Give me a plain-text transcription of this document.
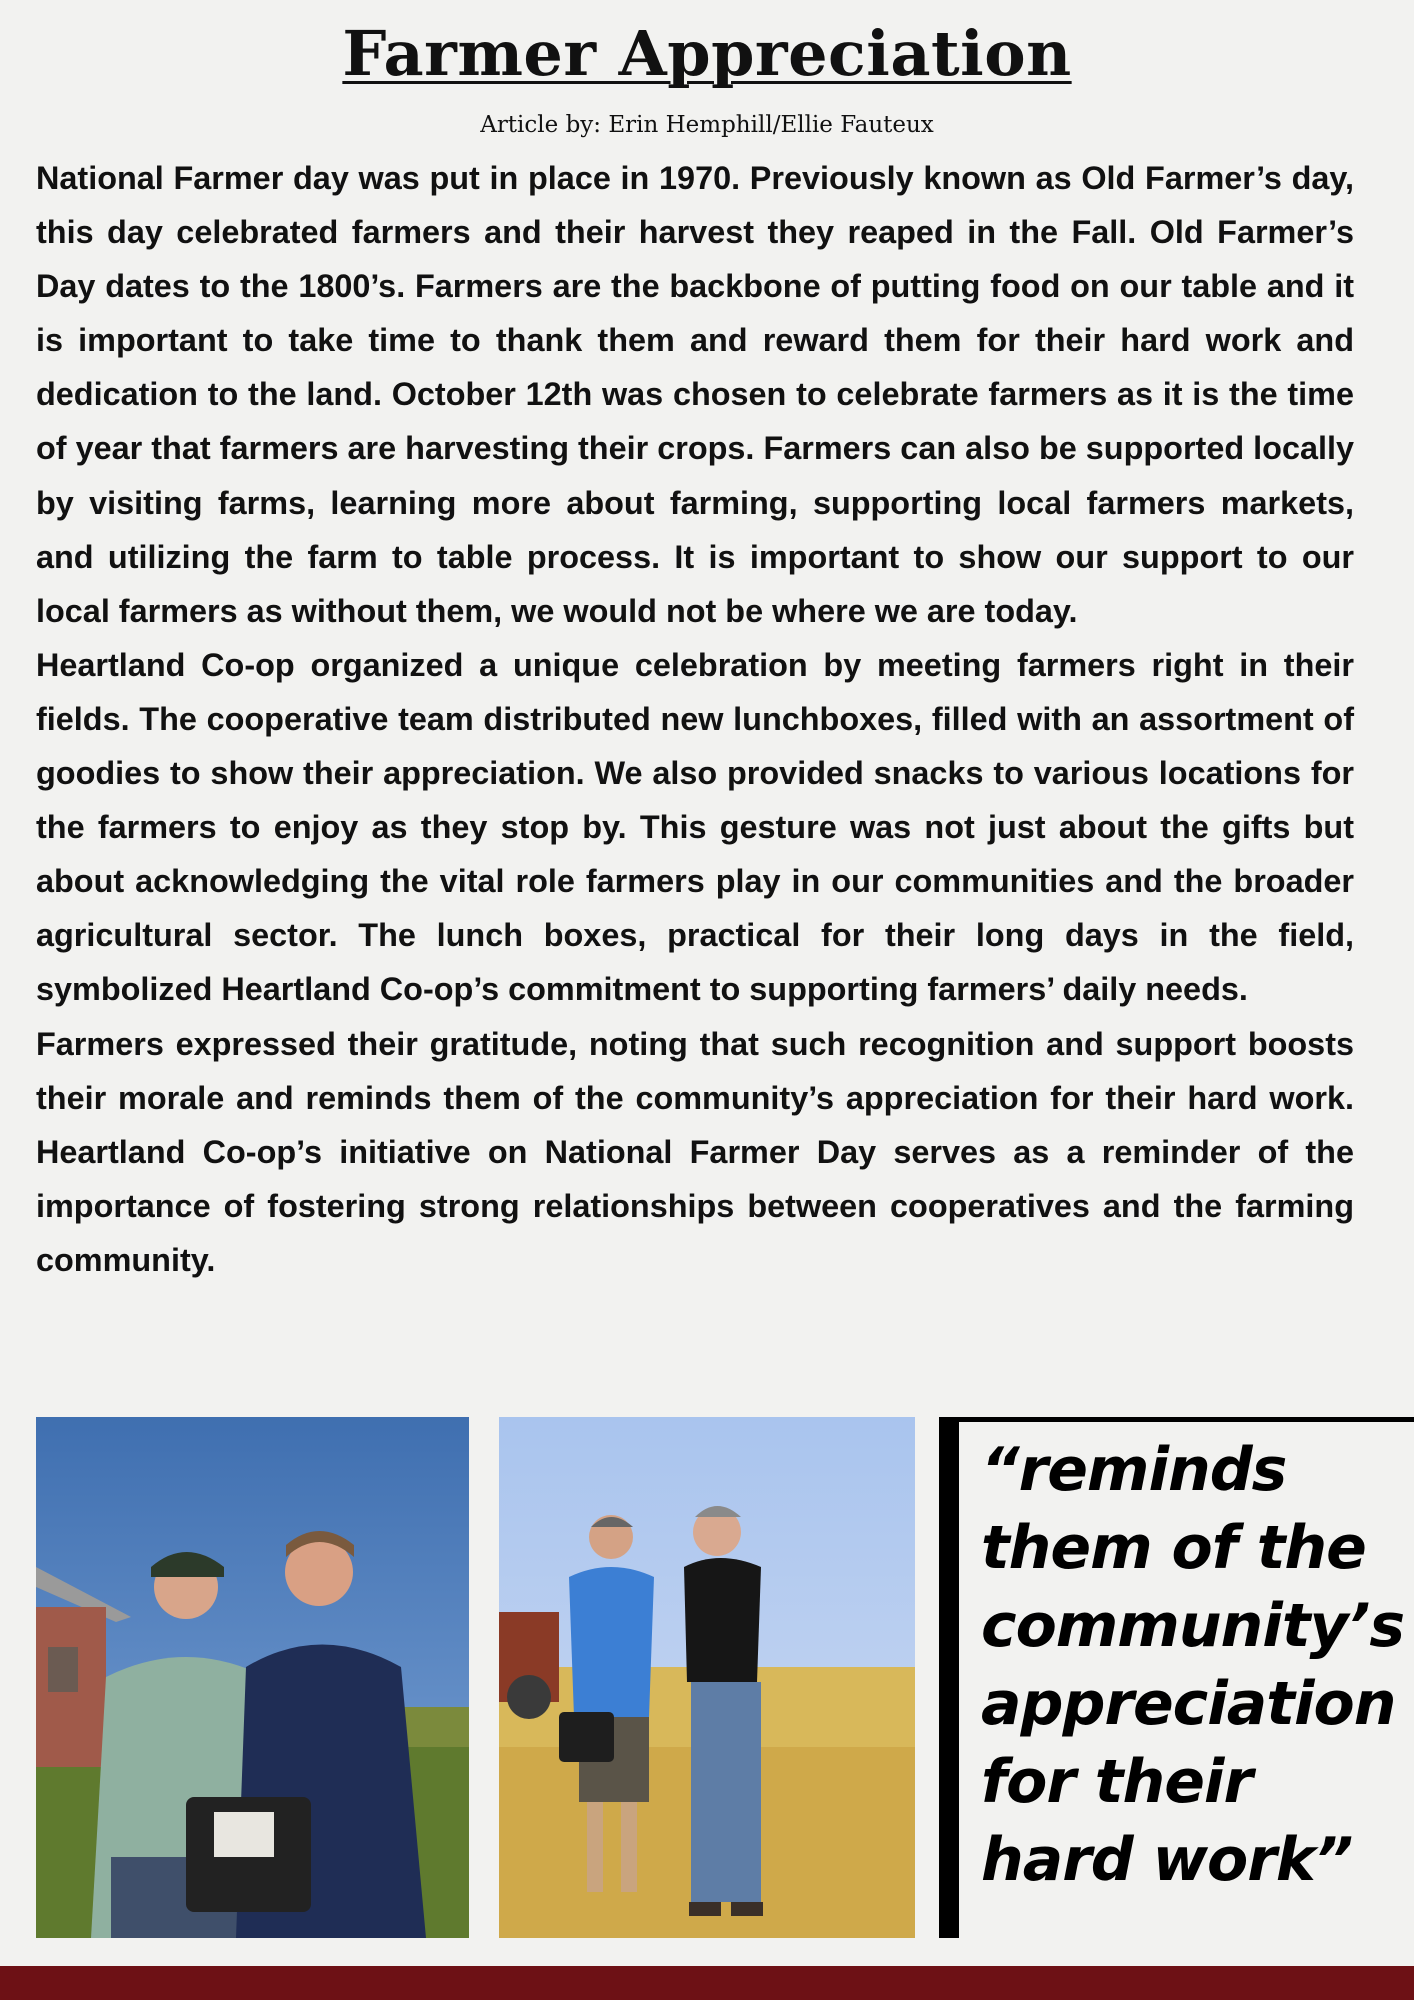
Farmer Appreciation
Article by: Erin Hemphill/Ellie Fauteux

National Farmer day was put in place in 1970. Previously known as Old Farmer’s day, this day celebrated farmers and their harvest they reaped in the Fall. Old Farmer’s Day dates to the 1800’s. Farmers are the backbone of putting food on our table and it is important to take time to thank them and reward them for their hard work and dedication to the land. October 12th was chosen to celebrate farmers as it is the time of year that farmers are harvesting their crops. Farmers can also be supported locally by visiting farms, learning more about farming, supporting local farmers markets, and utilizing the farm to table process. It is important to show our support to our local farmers as without them, we would not be where we are today.

Heartland Co-op organized a unique celebration by meeting farmers right in their fields. The cooperative team distributed new lunchboxes, filled with an assortment of goodies to show their appreciation. We also provided snacks to various locations for the farmers to enjoy as they stop by. This gesture was not just about the gifts but about acknowledging the vital role farmers play in our communities and the broader agricultural sector. The lunch boxes, practical for their long days in the field, symbolized Heartland Co-op’s commitment to supporting farmers’ daily needs.

Farmers expressed their gratitude, noting that such recognition and support boosts their morale and reminds them of the community’s appreciation for their hard work. Heartland Co-op’s initiative on National Farmer Day serves as a reminder of the importance of fostering strong relationships between cooperatives and the farming community.

“reminds them of the community’s appreciation for their hard work”
